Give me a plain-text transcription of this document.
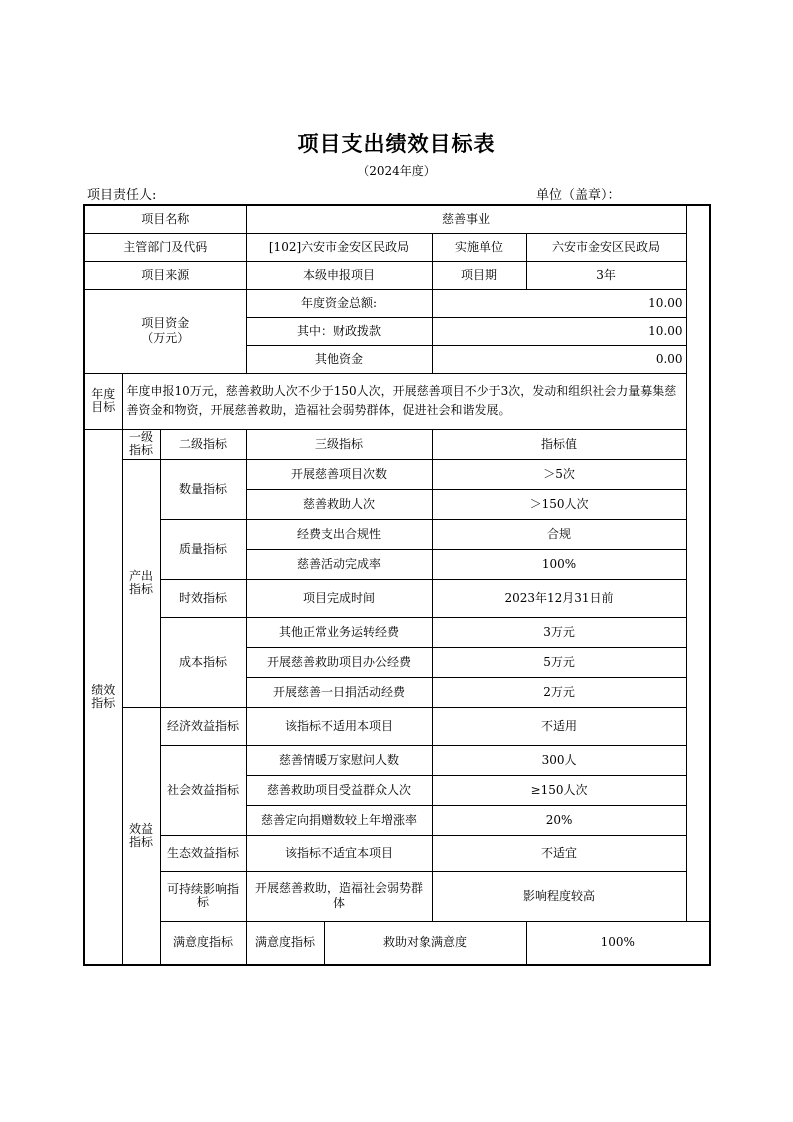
项目支出绩效目标表
（2024年度）
项目责任人:	单位（盖章）：
项目名称			慈善事业			
主管部门及代码			[102]六安市金安区民政局		实施单位	六安市金安区民政局
项目来源			本级申报项目		项目期	3年
项目资金
（万元）			年度资金总额:		10.00	
			其中：财政拨款		10.00	
			其他资金		0.00	
年度目标	年度申报10万元，慈善救助人次不少于150人次，开展慈善项目不少于3次，发动和组织社会力量募集慈善资金和物资，开展慈善救助，造福社会弱势群体，促进社会和谐发展。					
绩效指标	一级指标	二级指标	三级指标		指标值	
	产出指标	数量指标	开展慈善项目次数		＞5次	
			慈善救助人次		＞150人次	
		质量指标	经费支出合规性		合规	
			慈善活动完成率		100%	
		时效指标	项目完成时间		2023年12月31日前	
		成本指标	其他正常业务运转经费		3万元	
			开展慈善救助项目办公经费		5万元	
			开展慈善一日捐活动经费		2万元	
	效益指标	经济效益指标	该指标不适用本项目		不适用	
		社会效益指标	慈善情暖万家慰问人数		300人	
			慈善救助项目受益群众人次		≥150人次	
			慈善定向捐赠数较上年增涨率		20%	
		生态效益指标	该指标不适宜本项目		不适宜	
		可持续影响指标	开展慈善救助，造福社会弱势群体		影响程度较高	
		满意度指标	满意度指标	救助对象满意度		100%
